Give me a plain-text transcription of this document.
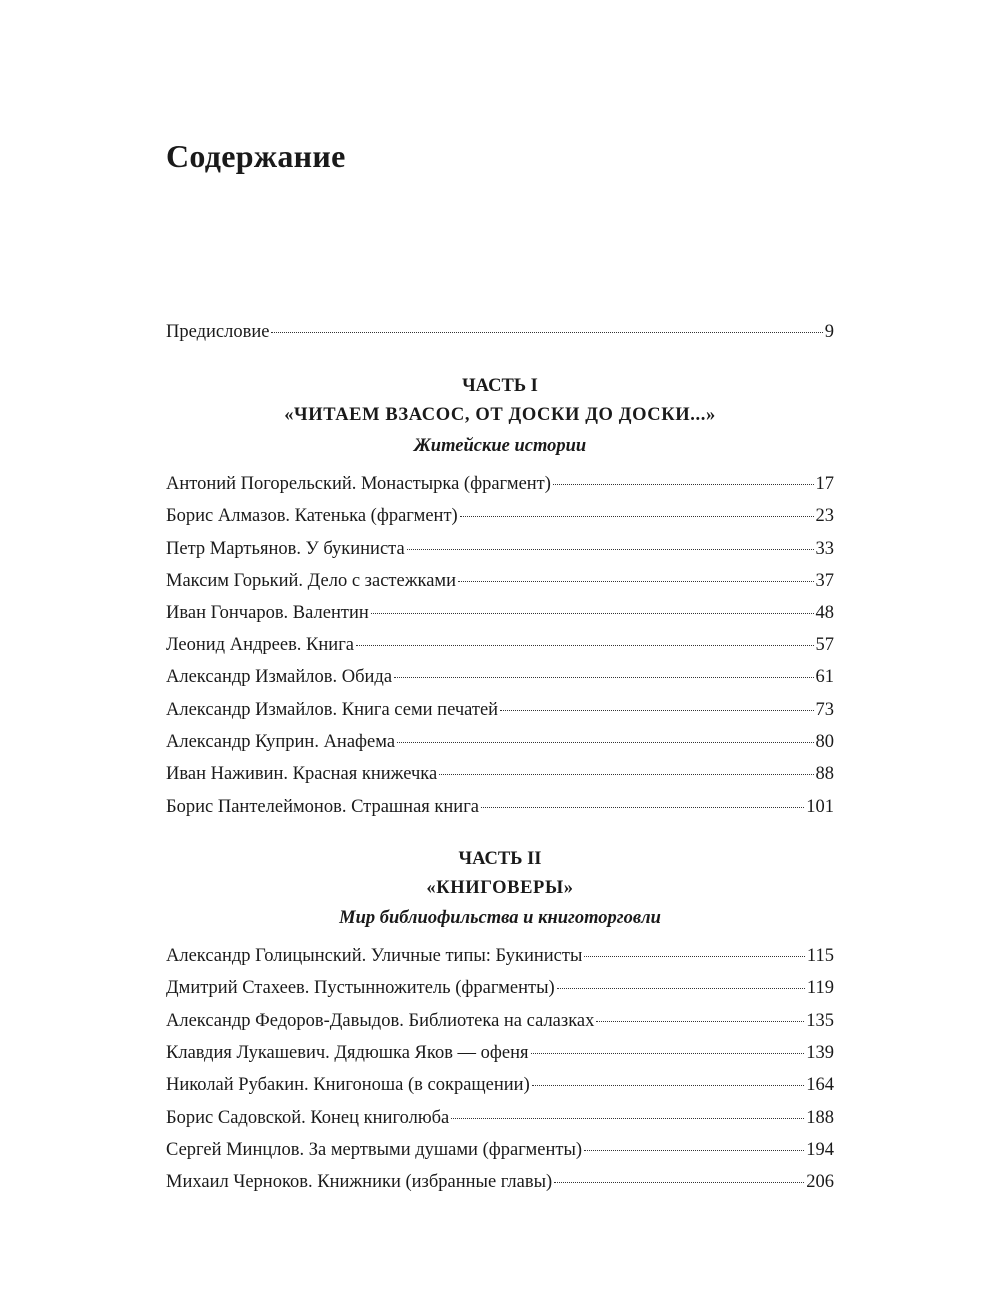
Содержание
Предисловие	9
ЧАСТЬ I
«ЧИТАЕМ ВЗАСОС, ОТ ДОСКИ ДО ДОСКИ...»
Житейские истории
Антоний Погорельский. Монастырка (фрагмент)	17
Борис Алмазов. Катенька (фрагмент)	23
Петр Мартьянов. У букиниста	33
Максим Горький. Дело с застежками	37
Иван Гончаров. Валентин	48
Леонид Андреев. Книга	57
Александр Измайлов. Обида	61
Александр Измайлов. Книга семи печатей	73
Александр Куприн. Анафема	80
Иван Наживин. Красная книжечка	88
Борис Пантелеймонов. Страшная книга	101
ЧАСТЬ II
«КНИГОВЕРЫ»
Мир библиофильства и книготорговли
Александр Голицынский. Уличные типы: Букинисты	115
Дмитрий Стахеев. Пустынножитель (фрагменты)	119
Александр Федоров-Давыдов. Библиотека на салазках	135
Клавдия Лукашевич. Дядюшка Яков — офеня	139
Николай Рубакин. Книгоноша (в сокращении)	164
Борис Садовской. Конец книголюба	188
Сергей Минцлов. За мертвыми душами (фрагменты)	194
Михаил Черноков. Книжники (избранные главы)	206
